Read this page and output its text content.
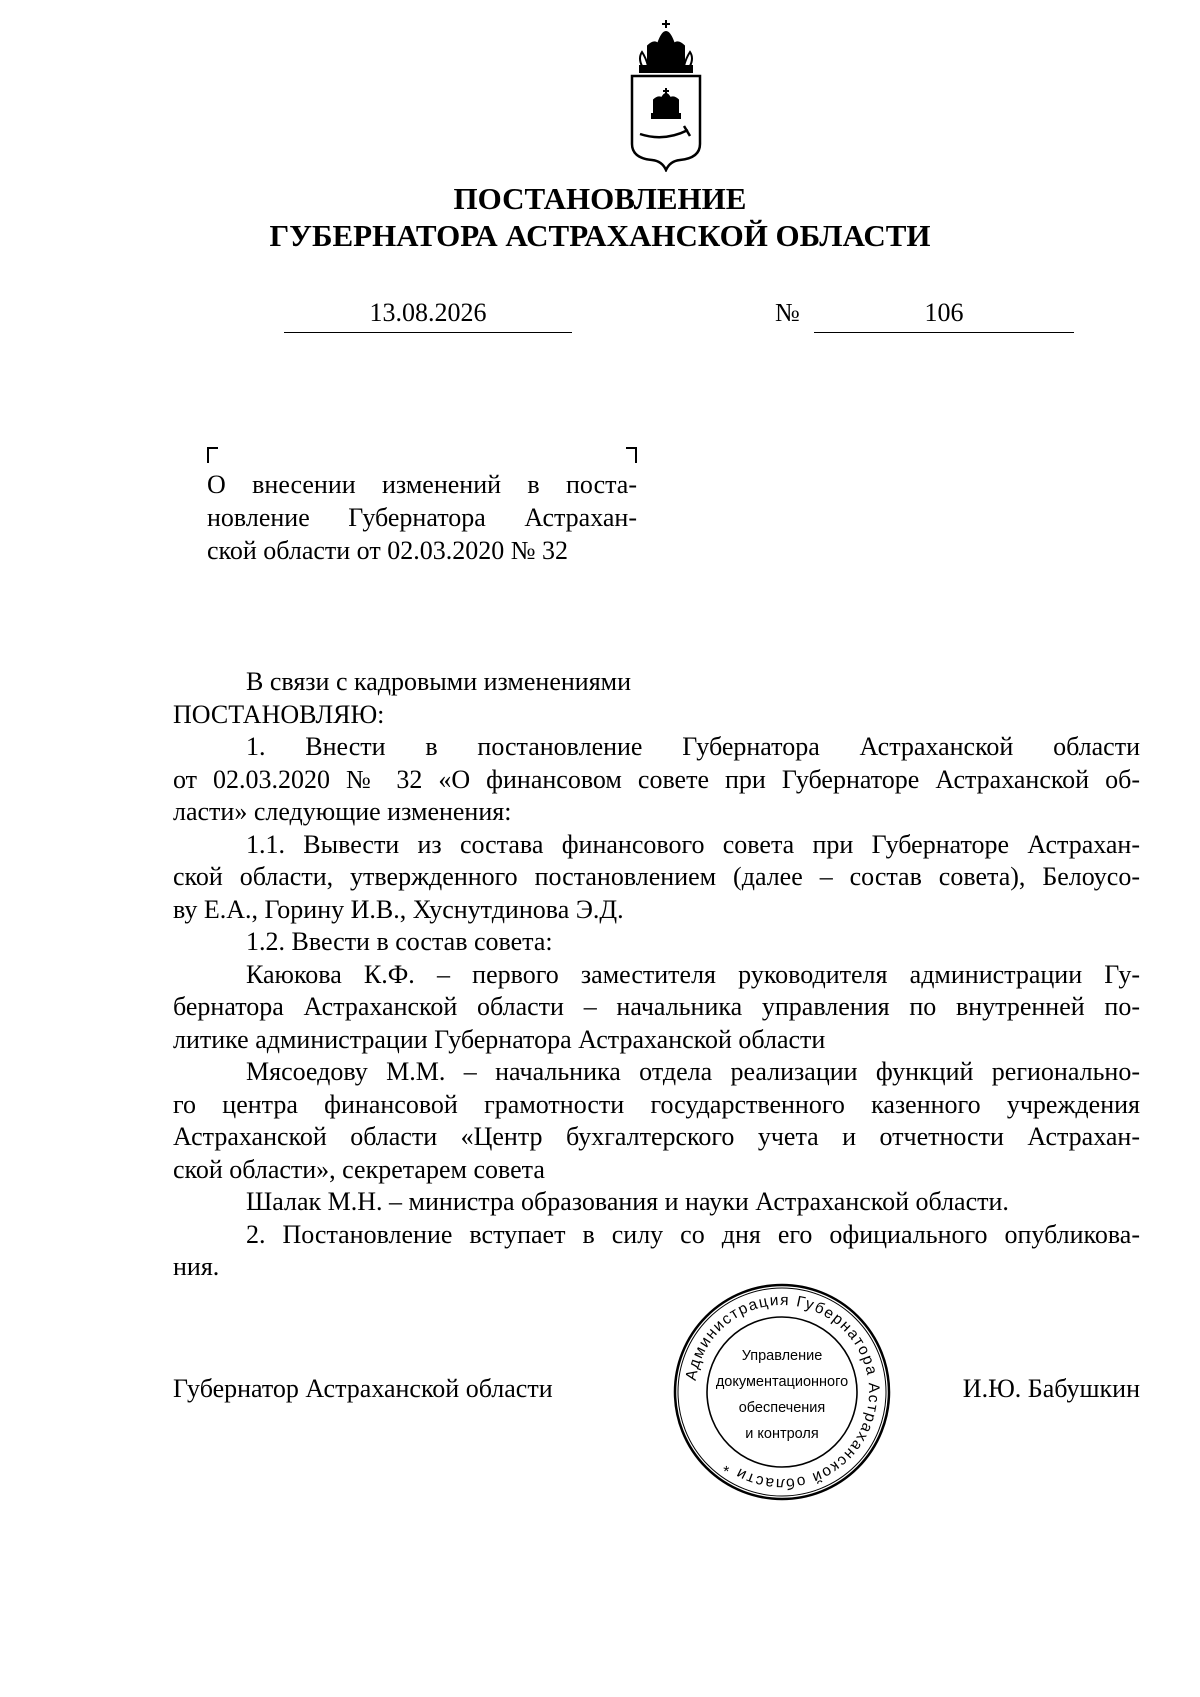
ПОСТАНОВЛЕНИЕ
ГУБЕРНАТОРА АСТРАХАНСКОЙ ОБЛАСТИ
13.08.2026	№	106
О внесении изменений в поста-
новление Губернатора Астрахан-
ской области от 02.03.2020 № 32
В связи с кадровыми изменениями
ПОСТАНОВЛЯЮ:
1. Внести в постановление Губернатора Астраханской области
от 02.03.2020 № 32 «О финансовом совете при Губернаторе Астраханской об-
ласти» следующие изменения:
1.1. Вывести из состава финансового совета при Губернаторе Астрахан-
ской области, утвержденного постановлением (далее – состав совета), Белоусо-
ву Е.А., Горину И.В., Хуснутдинова Э.Д.
1.2. Ввести в состав совета:
Каюкова К.Ф. – первого заместителя руководителя администрации Гу-
бернатора Астраханской области – начальника управления по внутренней по-
литике администрации Губернатора Астраханской области
Мясоедову М.М. – начальника отдела реализации функций регионально-
го центра финансовой грамотности государственного казенного учреждения
Астраханской области «Центр бухгалтерского учета и отчетности Астрахан-
ской области», секретарем совета
Шалак М.Н. – министра образования и науки Астраханской области.
2. Постановление вступает в силу со дня его официального опубликова-
ния.
Администрация Губернатора Астраханской области *
Управление
документационного
обеспечения
и контроля
Губернатор Астраханской области	И.Ю. Бабушкин
